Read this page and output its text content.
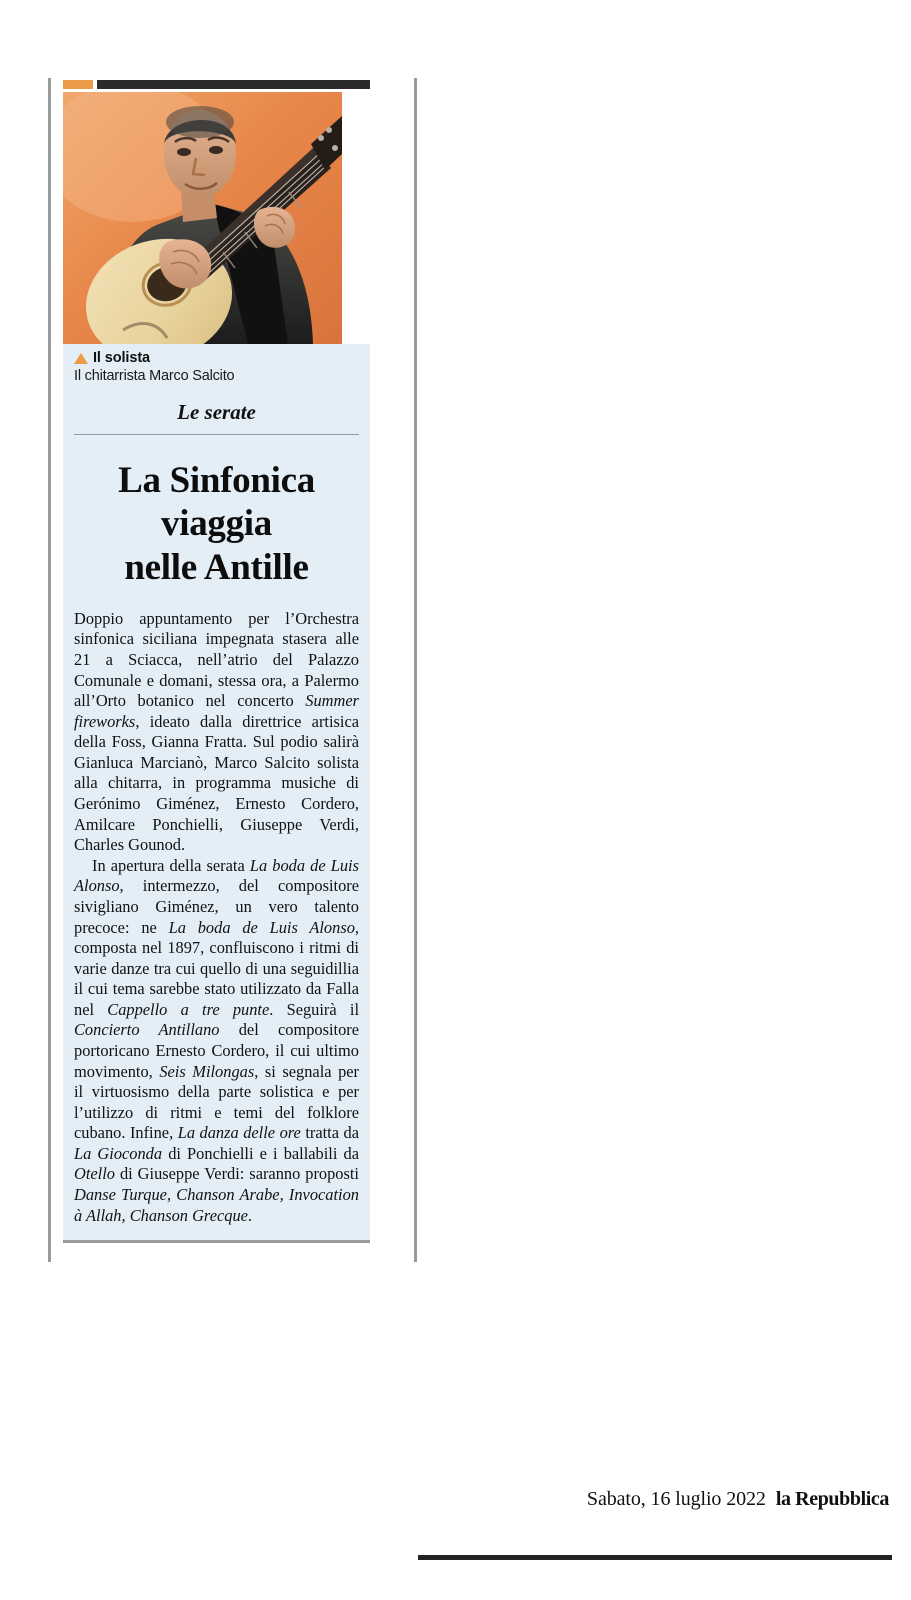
Il solista
Il chitarrista Marco Salcito
Le serate
La Sinfonica
viaggia
nelle Antille

Doppio appuntamento per l’Orchestra sinfonica siciliana impegnata stasera alle 21 a Sciacca, nell’atrio del Palazzo Comunale e domani, stessa ora, a Palermo all’Orto botanico nel concerto Summer fireworks, ideato dalla direttrice artisica della Foss, Gianna Fratta. Sul podio salirà Gianluca Marcianò, Marco Salcito solista alla chitarra, in programma musiche di Gerónimo Giménez, Ernesto Cordero, Amilcare Ponchielli, Giuseppe Verdi, Charles Gounod.

In apertura della serata La boda de Luis Alonso, intermezzo, del compositore sivigliano Giménez, un vero talento precoce: ne La boda de Luis Alonso, composta nel 1897, confluiscono i ritmi di varie danze tra cui quello di una seguidillia il cui tema sarebbe stato utilizzato da Falla nel Cappello a tre punte. Seguirà il Concierto Antillano del compositore portoricano Ernesto Cordero, il cui ultimo movimento, Seis Milongas, si segnala per il virtuosismo della parte solistica e per l’utilizzo di ritmi e temi del folklore cubano. Infine, La danza delle ore tratta da La Gioconda di Ponchielli e i ballabili da Otello di Giuseppe Verdi: saranno proposti Danse Turque, Chanson Arabe, Invocation à Allah, Chanson Grecque.

Sabato, 16 luglio 2022 la Repubblica
